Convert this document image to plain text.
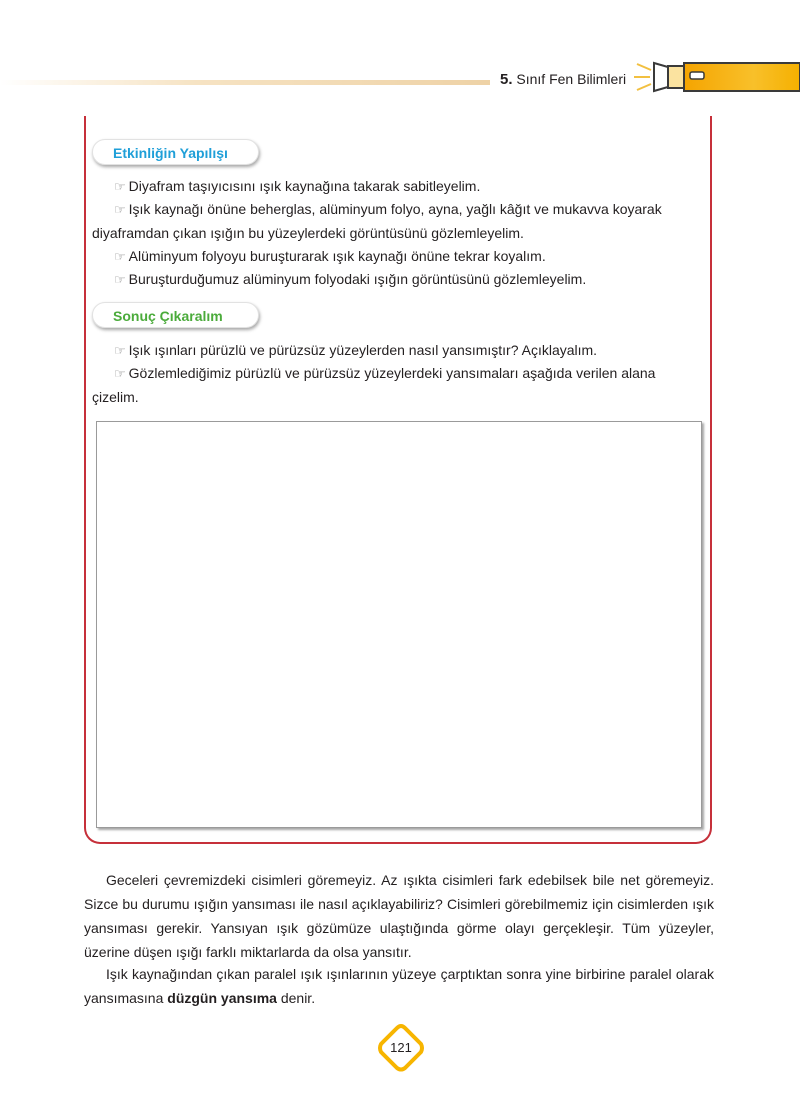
5. Sınıf Fen Bilimleri
Etkinliğin Yapılışı
☞ Diyafram taşıyıcısını ışık kaynağına takarak sabitleyelim.
☞ Işık kaynağı önüne beherglas, alüminyum folyo, ayna, yağlı kâğıt ve mukavva koyarak
diyaframdan çıkan ışığın bu yüzeylerdeki görüntüsünü gözlemleyelim.
☞ Alüminyum folyoyu buruşturarak ışık kaynağı önüne tekrar koyalım.
☞ Buruşturduğumuz alüminyum folyodaki ışığın görüntüsünü gözlemleyelim.
Sonuç Çıkaralım
☞ Işık ışınları pürüzlü ve pürüzsüz yüzeylerden nasıl yansımıştır? Açıklayalım.
☞ Gözlemlediğimiz pürüzlü ve pürüzsüz yüzeylerdeki yansımaları aşağıda verilen alana
çizelim.
Geceleri çevremizdeki cisimleri göremeyiz. Az ışıkta cisimleri fark edebilsek bile net göremeyiz. Sizce bu durumu ışığın yansıması ile nasıl açıklayabiliriz? Cisimleri görebilmemiz için cisimlerden ışık yansıması gerekir. Yansıyan ışık gözümüze ulaştığında görme olayı gerçekleşir. Tüm yüzeyler, üzerine düşen ışığı farklı miktarlarda da olsa yansıtır.
Işık kaynağından çıkan paralel ışık ışınlarının yüzeye çarptıktan sonra yine birbirine paralel olarak yansımasına düzgün yansıma denir.
121
